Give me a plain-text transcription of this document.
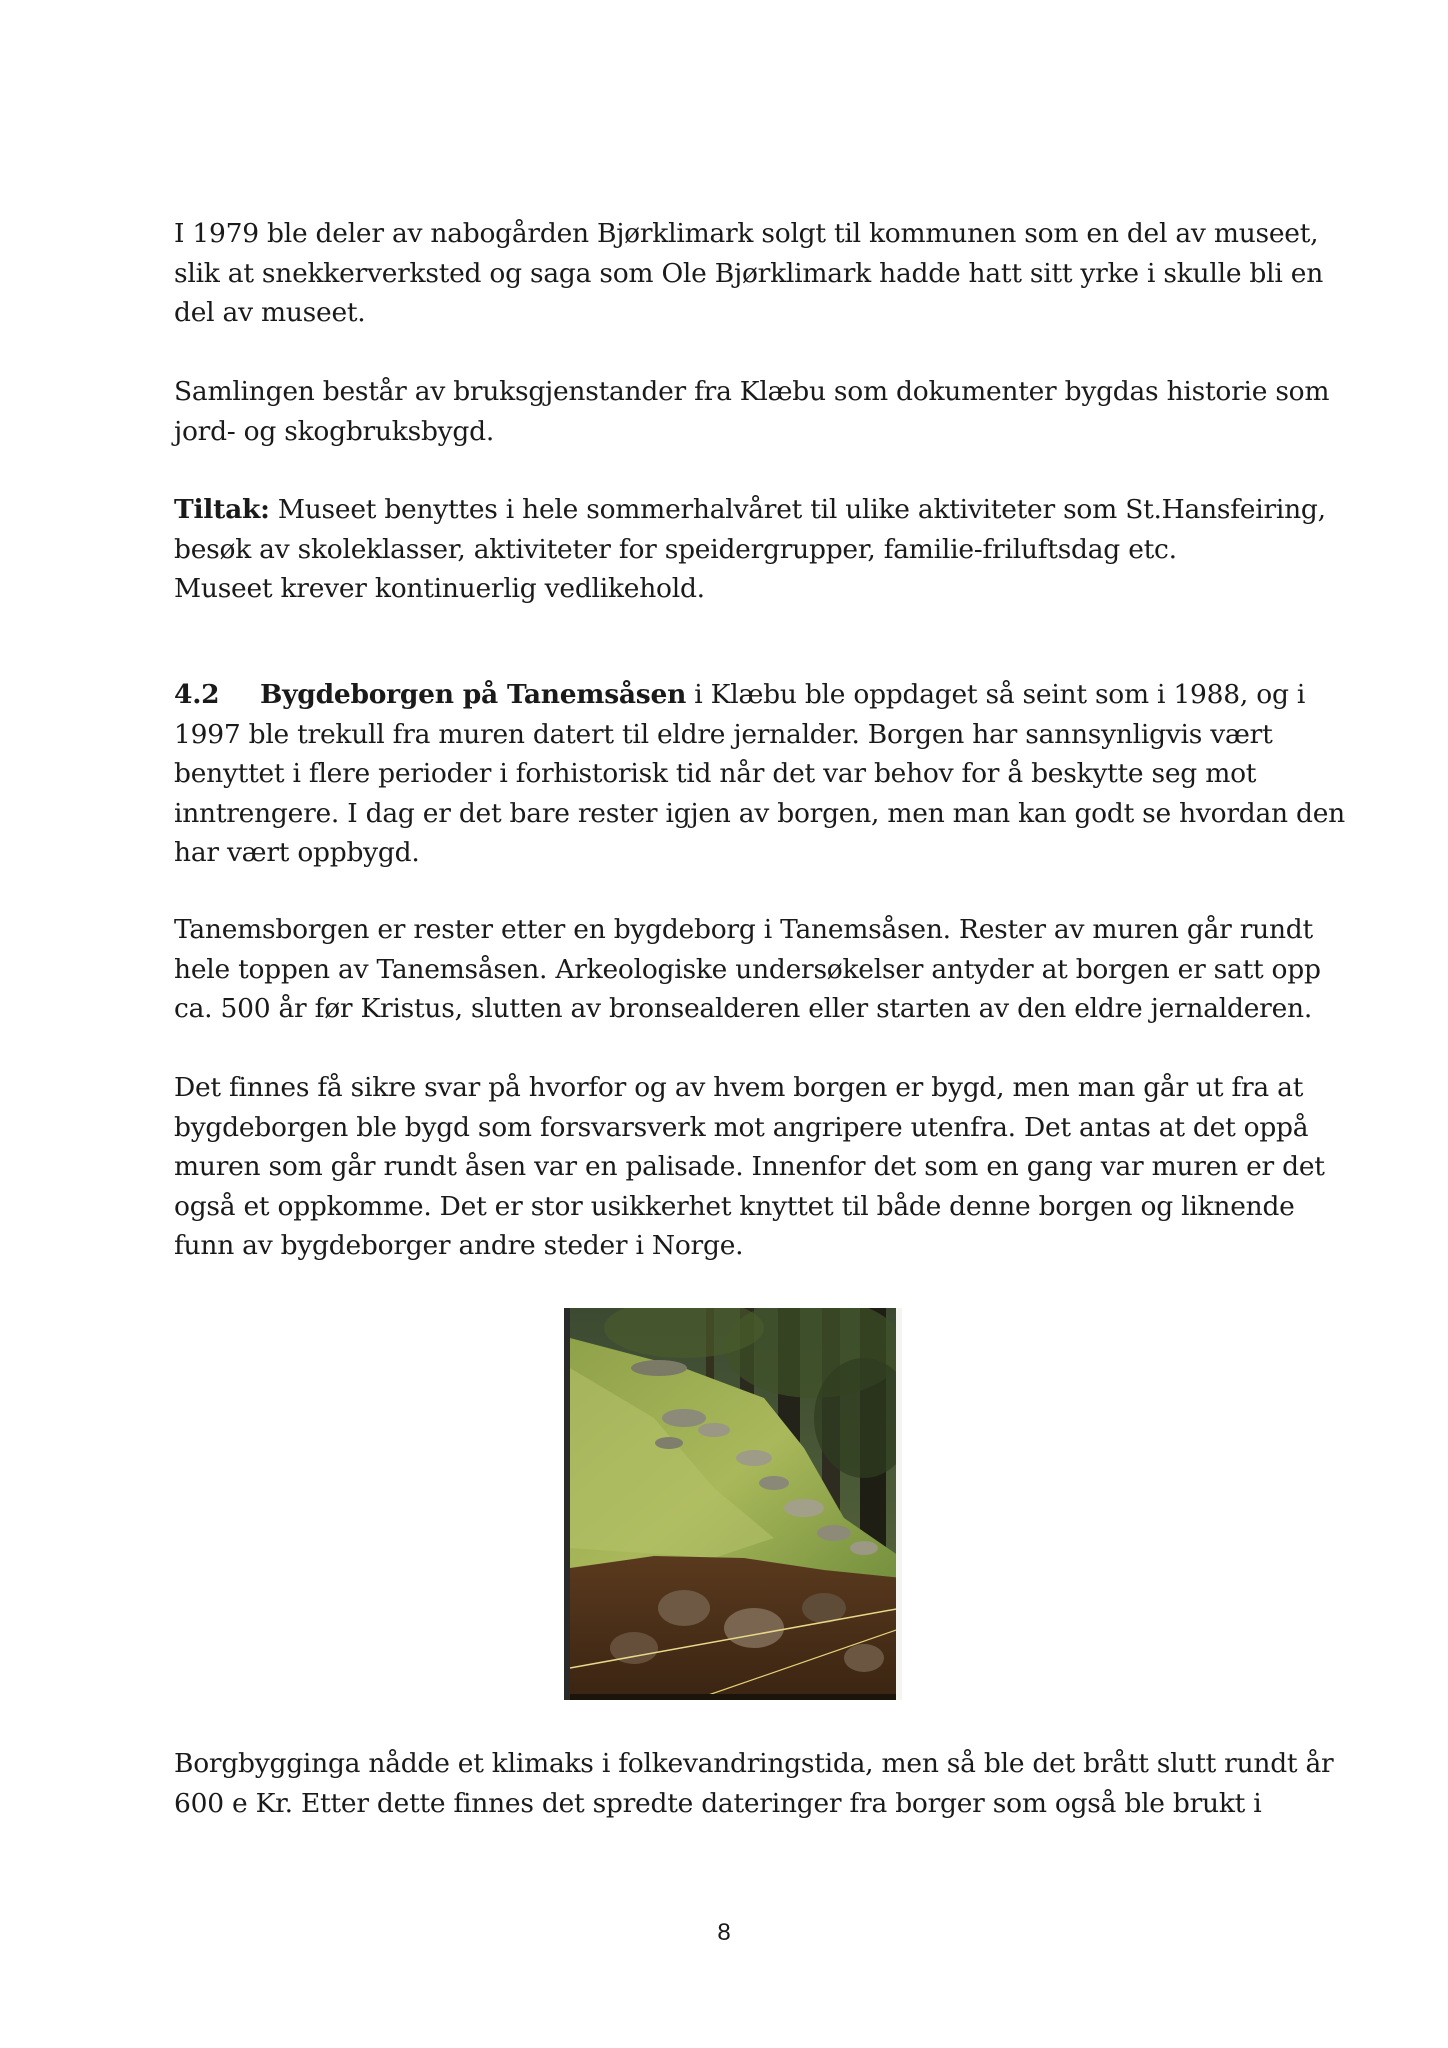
I 1979 ble deler av nabogården Bjørklimark solgt til kommunen som en del av museet,
slik at snekkerverksted og saga som Ole Bjørklimark hadde hatt sitt yrke i skulle bli en
del av museet.

Samlingen består av bruksgjenstander fra Klæbu som dokumenter bygdas historie som
jord- og skogbruksbygd.

Tiltak: Museet benyttes i hele sommerhalvåret til ulike aktiviteter som St.Hansfeiring,
besøk av skoleklasser, aktiviteter for speidergrupper, familie-friluftsdag etc.
Museet krever kontinuerlig vedlikehold.

4.2 Bygdeborgen på Tanemsåsen i Klæbu ble oppdaget så seint som i 1988, og i
1997 ble trekull fra muren datert til eldre jernalder. Borgen har sannsynligvis vært
benyttet i flere perioder i forhistorisk tid når det var behov for å beskytte seg mot
inntrengere. I dag er det bare rester igjen av borgen, men man kan godt se hvordan den
har vært oppbygd.

Tanemsborgen er rester etter en bygdeborg i Tanemsåsen. Rester av muren går rundt
hele toppen av Tanemsåsen. Arkeologiske undersøkelser antyder at borgen er satt opp
ca. 500 år før Kristus, slutten av bronsealderen eller starten av den eldre jernalderen.

Det finnes få sikre svar på hvorfor og av hvem borgen er bygd, men man går ut fra at
bygdeborgen ble bygd som forsvarsverk mot angripere utenfra. Det antas at det oppå
muren som går rundt åsen var en palisade. Innenfor det som en gang var muren er det
også et oppkomme. Det er stor usikkerhet knyttet til både denne borgen og liknende
funn av bygdeborger andre steder i Norge.

Borgbygginga nådde et klimaks i folkevandringstida, men så ble det brått slutt rundt år
600 e Kr. Etter dette finnes det spredte dateringer fra borger som også ble brukt i

8
